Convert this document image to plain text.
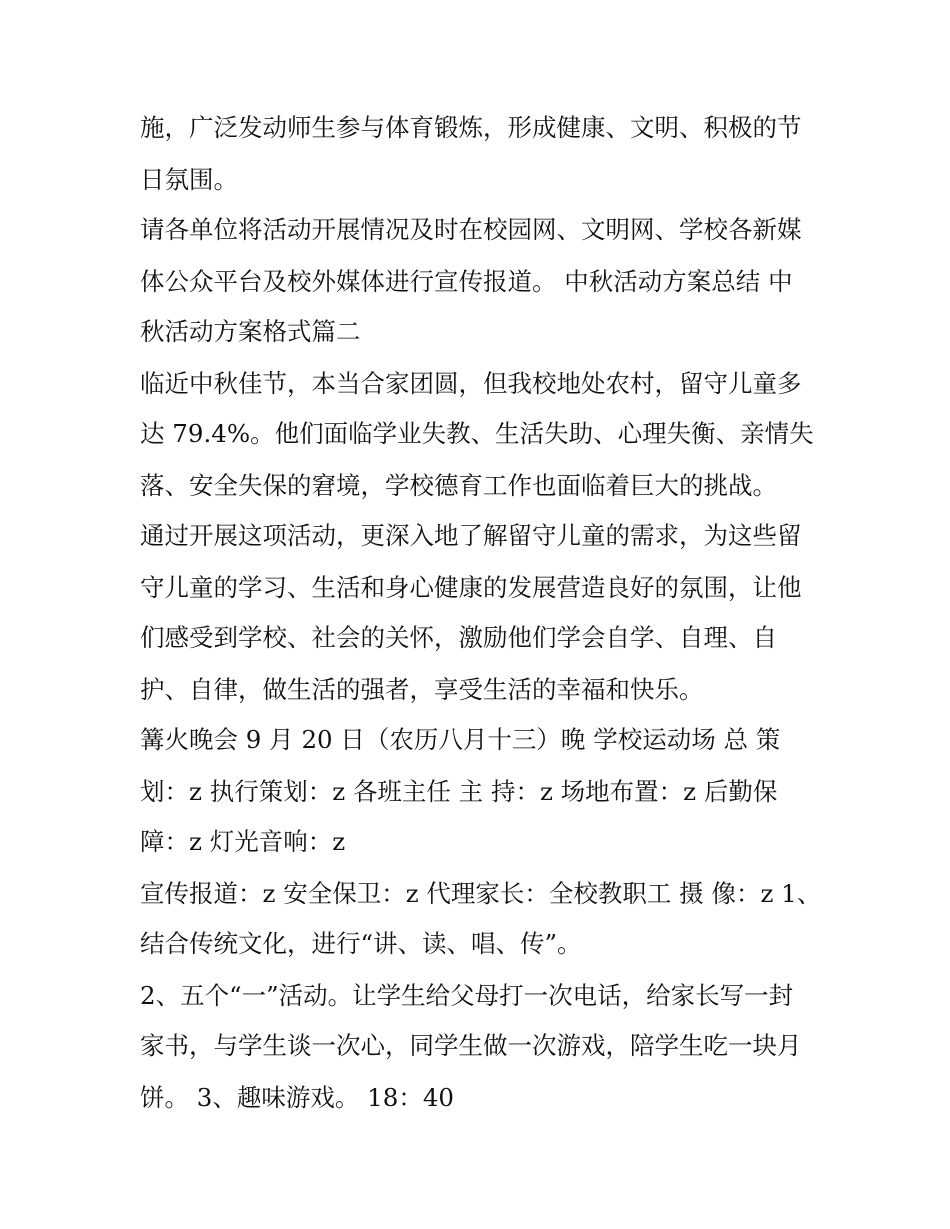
施，广泛发动师生参与体育锻炼，形成健康、文明、积极的节
日氛围。
请各单位将活动开展情况及时在校园网、文明网、学校各新媒
体公众平台及校外媒体进行宣传报道。 中秋活动方案总结 中
秋活动方案格式篇二
临近中秋佳节，本当合家团圆，但我校地处农村，留守儿童多
达 79.4%。他们面临学业失教、生活失助、心理失衡、亲情失
落、安全失保的窘境，学校德育工作也面临着巨大的挑战。
通过开展这项活动，更深入地了解留守儿童的需求，为这些留
守儿童的学习、生活和身心健康的发展营造良好的氛围，让他
们感受到学校、社会的关怀，激励他们学会自学、自理、自
护、自律，做生活的强者，享受生活的幸福和快乐。
篝火晚会 9 月 20 日（农历八月十三）晚 学校运动场 总 策
划：z 执行策划：z 各班主任 主 持：z 场地布置：z 后勤保
障：z 灯光音响：z
宣传报道：z 安全保卫：z 代理家长：全校教职工 摄 像：z 1、
结合传统文化，进行“讲、读、唱、传”。
2、五个“一”活动。让学生给父母打一次电话，给家长写一封
家书，与学生谈一次心，同学生做一次游戏，陪学生吃一块月
饼。 3、趣味游戏。 18：40
